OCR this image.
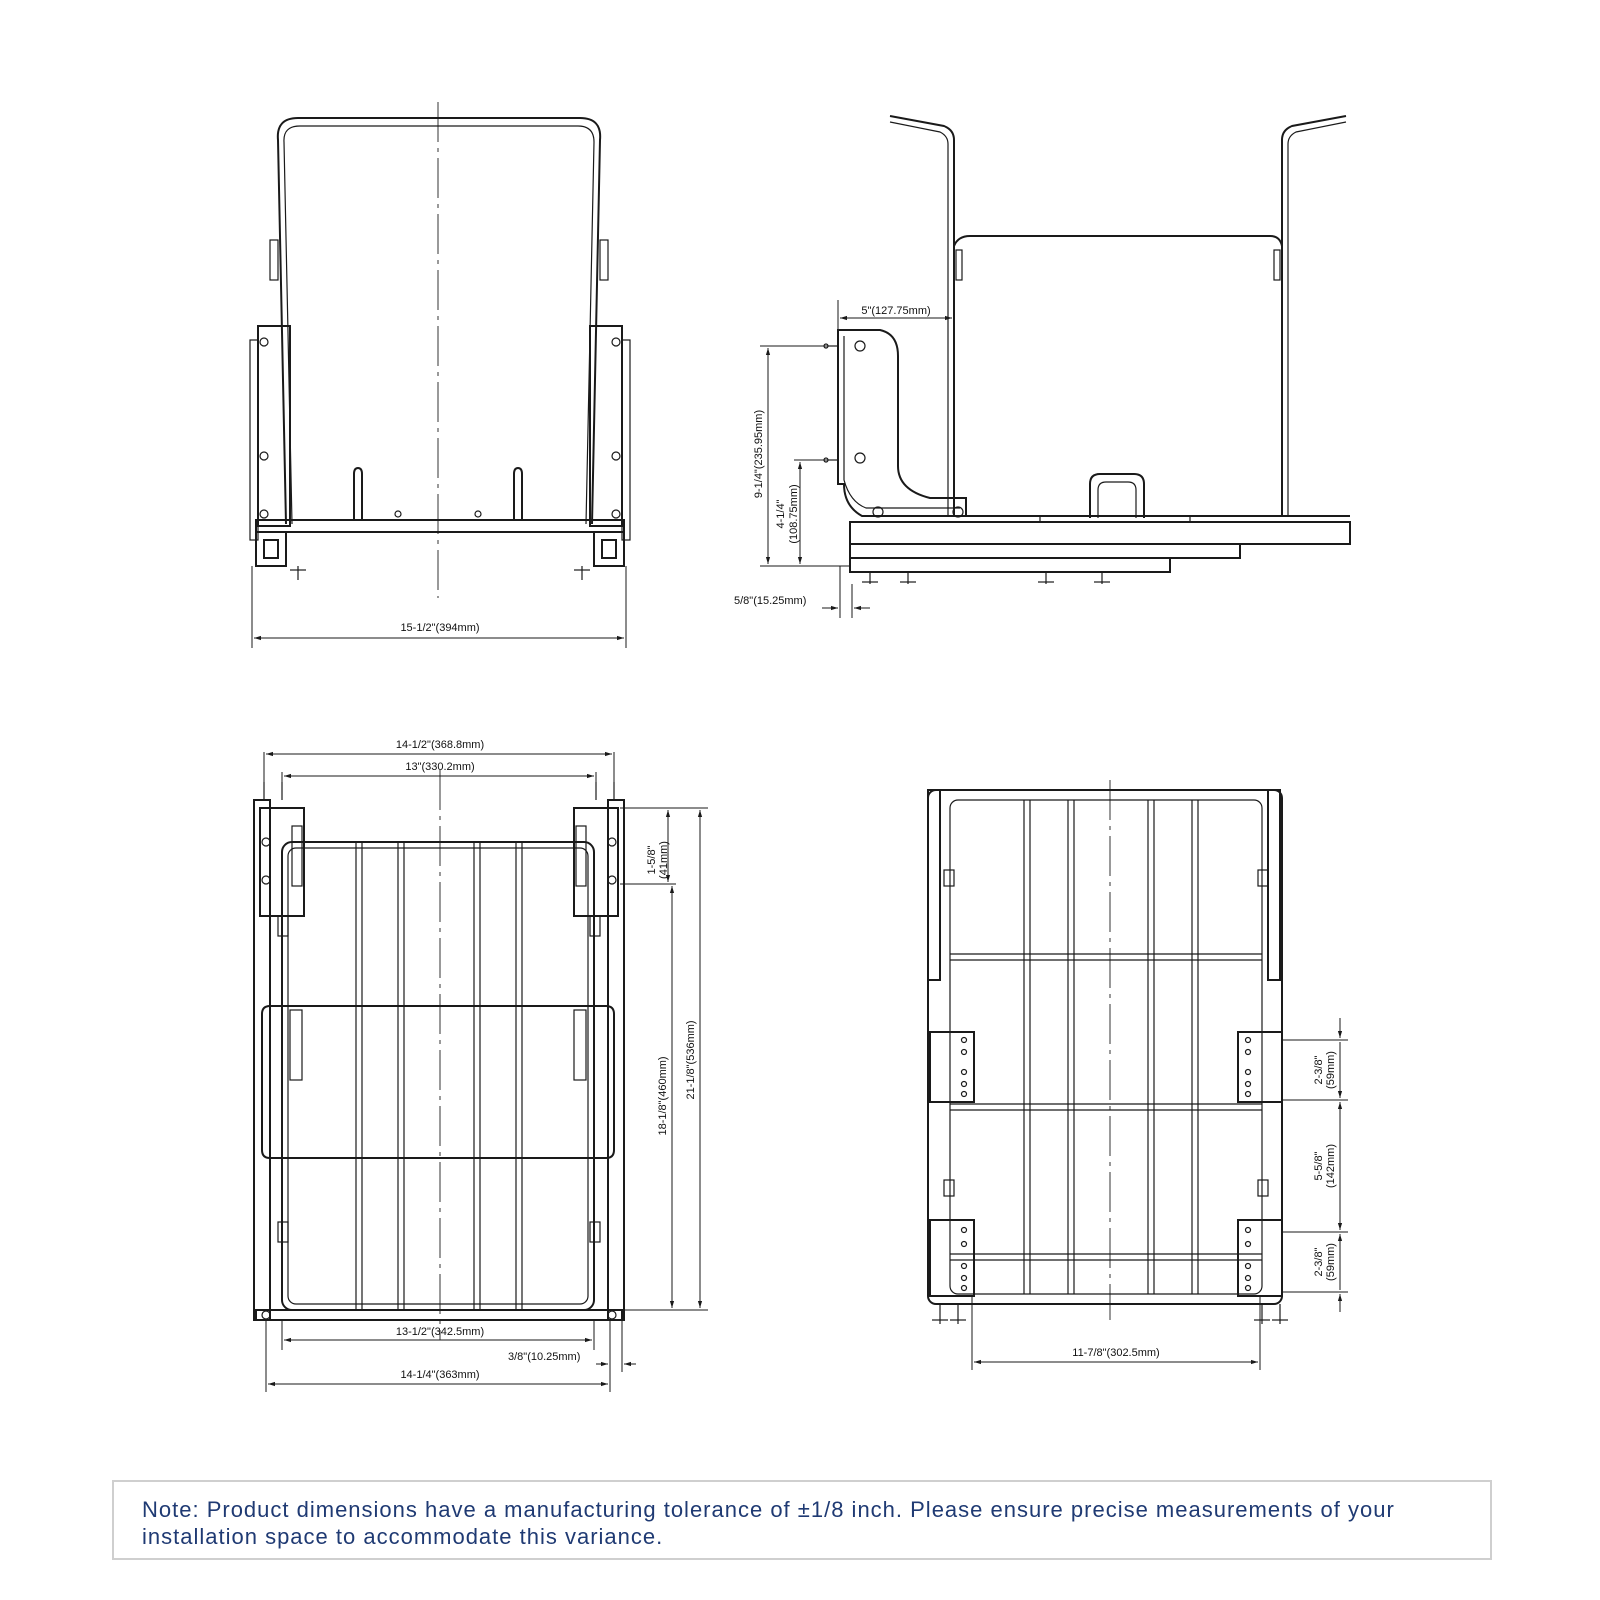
15-1/2"(394mm)
5"(127.75mm)
9-1/4"(235.95mm)
4-1/4" (108.75mm)
5/8"(15.25mm)
14-1/2"(368.8mm)
13"(330.2mm)
1-5/8" (41mm)
18-1/8"(460mm) 21-1/8"(536mm)
13-1/2"(342.5mm)
3/8"(10.25mm)
14-1/4"(363mm)
2-3/8" (59mm)
5-5/8" (142mm)
2-3/8" (59mm)
11-7/8"(302.5mm)
Note: Product dimensions have a manufacturing tolerance of ±1/8 inch. Please ensure precise measurements of your installation space to accommodate this variance.
